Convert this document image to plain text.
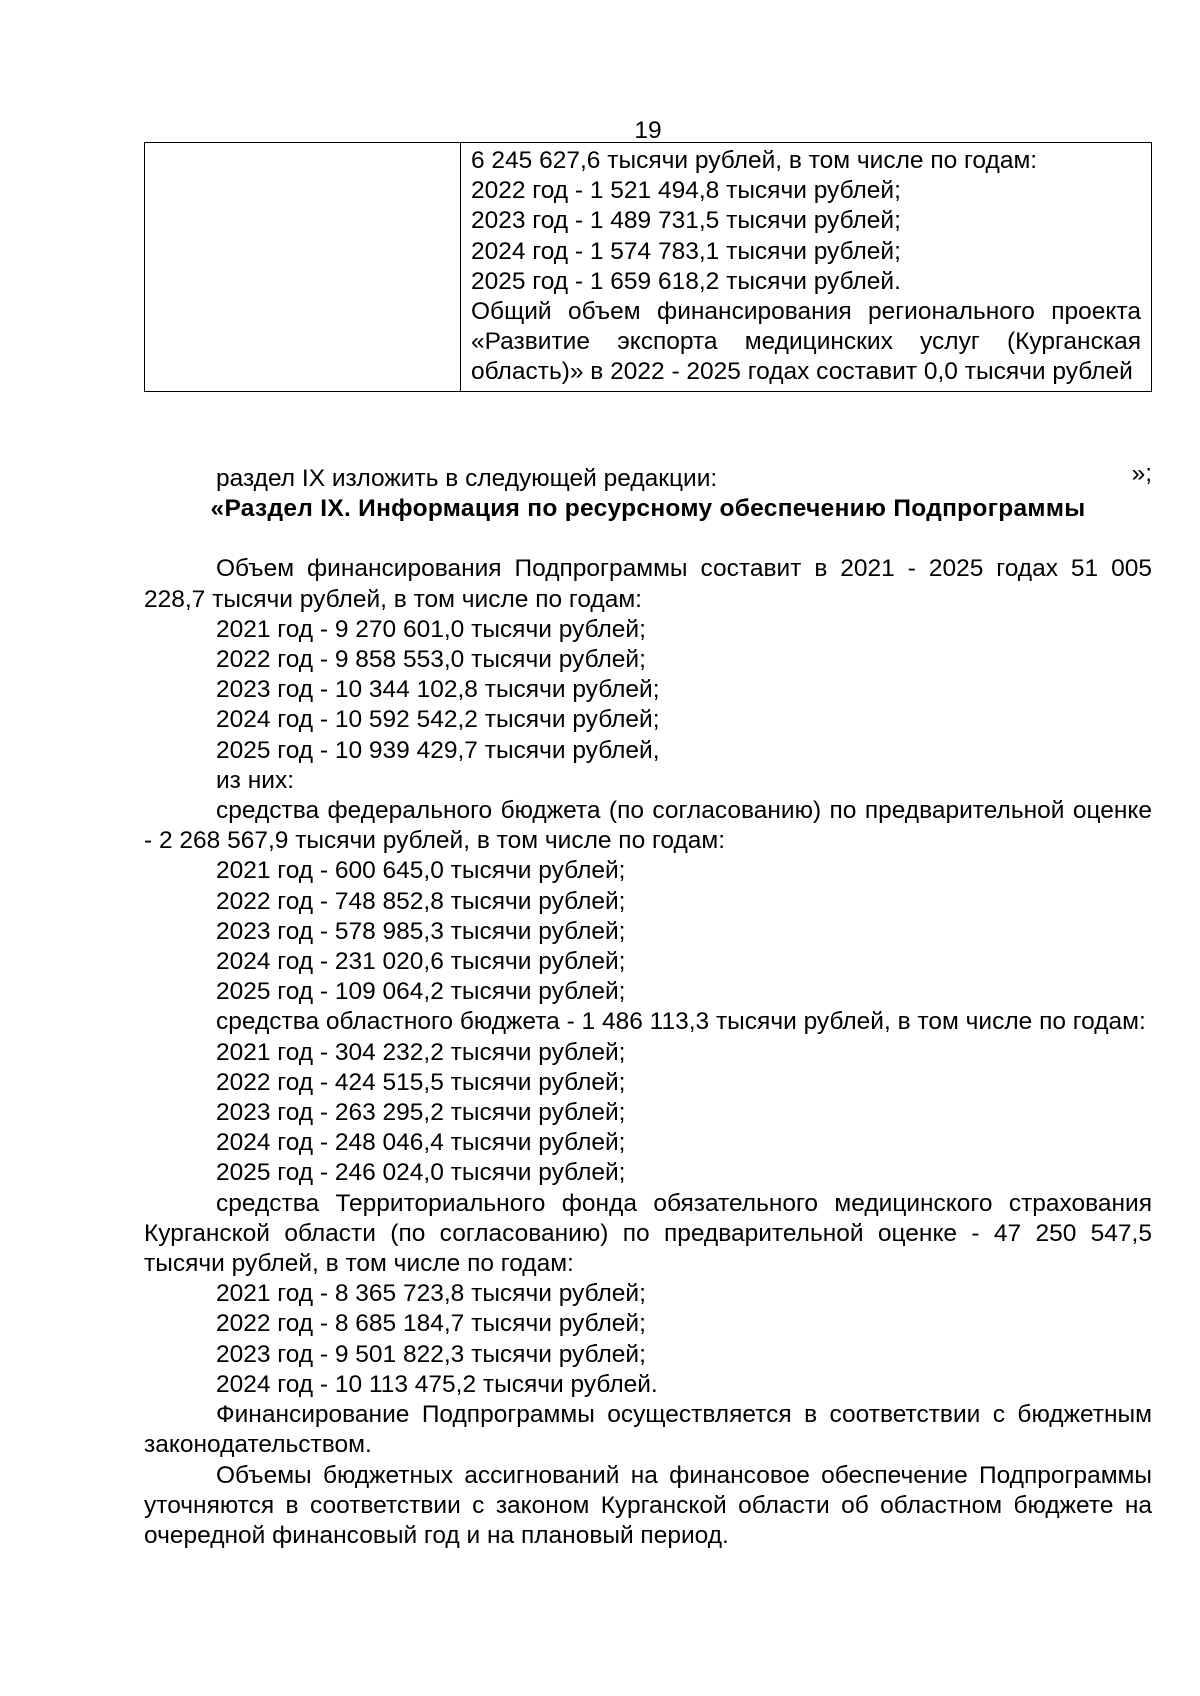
19

6 245 627,6 тысячи рублей, в том числе по годам:
2022 год - 1 521 494,8 тысячи рублей;
2023 год - 1 489 731,5 тысячи рублей;
2024 год - 1 574 783,1 тысячи рублей;
2025 год - 1 659 618,2 тысячи рублей.
Общий объем финансирования регионального проекта «Развитие экспорта медицинских услуг (Курганская область)» в 2022 - 2025 годах составит 0,0 тысячи рублей
»;

раздел IX изложить в следующей редакции:

«Раздел IX. Информация по ресурсному обеспечению Подпрограммы

Объем финансирования Подпрограммы составит в 2021 - 2025 годах 51 005 228,7 тысячи рублей, в том числе по годам:

2021 год - 9 270 601,0 тысячи рублей;

2022 год - 9 858 553,0 тысячи рублей;

2023 год - 10 344 102,8 тысячи рублей;

2024 год - 10 592 542,2 тысячи рублей;

2025 год - 10 939 429,7 тысячи рублей,

из них:

средства федерального бюджета (по согласованию) по предварительной оценке - 2 268 567,9 тысячи рублей, в том числе по годам:

2021 год - 600 645,0 тысячи рублей;

2022 год - 748 852,8 тысячи рублей;

2023 год - 578 985,3 тысячи рублей;

2024 год - 231 020,6 тысячи рублей;

2025 год - 109 064,2 тысячи рублей;

средства областного бюджета - 1 486 113,3 тысячи рублей, в том числе по годам:

2021 год - 304 232,2 тысячи рублей;

2022 год - 424 515,5 тысячи рублей;

2023 год - 263 295,2 тысячи рублей;

2024 год - 248 046,4 тысячи рублей;

2025 год - 246 024,0 тысячи рублей;

средства Территориального фонда обязательного медицинского страхования Курганской области (по согласованию) по предварительной оценке - 47 250 547,5 тысячи рублей, в том числе по годам:

2021 год - 8 365 723,8 тысячи рублей;

2022 год - 8 685 184,7 тысячи рублей;

2023 год - 9 501 822,3 тысячи рублей;

2024 год - 10 113 475,2 тысячи рублей.

Финансирование Подпрограммы осуществляется в соответствии с бюджетным законодательством.

Объемы бюджетных ассигнований на финансовое обеспечение Подпрограммы уточняются в соответствии с законом Курганской области об областном бюджете на очередной финансовый год и на плановый период.
